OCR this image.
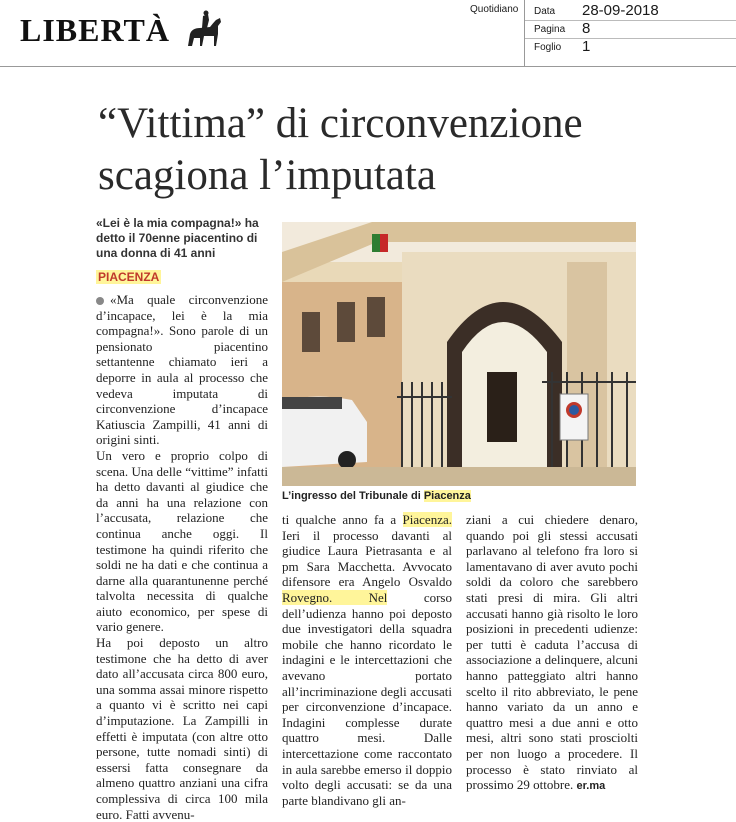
LIBERTÀ
Quotidiano Data 28-09-2018
Pagina 8
Foglio 1
“Vittima” di circonvenzione
scagiona l’imputata
«Lei è la mia compagna!» ha detto il 70enne piacentino di una donna di 41 anni
PIACENZA

«Ma quale circonvenzione d’incapace, lei è la mia compagna!». Sono parole di un pensionato piacentino settantenne chiamato ieri a deporre in aula al processo che vedeva imputata di circonvenzione d’incapace Katiuscia Zampilli, 41 anni di origini sinti.

Un vero e proprio colpo di scena. Una delle “vittime” infatti ha detto davanti al giudice che da anni ha una relazione con l’accusata, relazione che continua anche oggi. Il testimone ha quindi riferito che soldi ne ha dati e che continua a darne alla quarantunenne perché talvolta necessita di qualche aiuto economico, per spese di vario genere.

Ha poi deposto un altro testimone che ha detto di aver dato all’accusata circa 800 euro, una somma assai minore rispetto a quanto vi è scritto nei capi d’imputazione. La Zampilli in effetti è imputata (con altre otto persone, tutte nomadi sinti) di essersi fatta consegnare da almeno quattro anziani una cifra complessiva di circa 100 mila euro. Fatti avvenu-

L’ingresso del Tribunale di Piacenza

ti qualche anno fa a Piacenza. Ieri il processo davanti al giudice Laura Pietrasanta e al pm Sara Macchetta. Avvocato difensore era Angelo Osvaldo Rovegno. Nel corso dell’udienza hanno poi deposto due investigatori della squadra mobile che hanno ricordato le indagini e le intercettazioni che avevano portato all’incriminazione degli accusati per circonvenzione d’incapace. Indagini complesse durate quattro mesi. Dalle intercettazione come raccontato in aula sarebbe emerso il doppio volto degli accusati: se da una parte blandivano gli an-

ziani a cui chiedere denaro, quando poi gli stessi accusati parlavano al telefono fra loro si lamentavano di aver avuto pochi soldi da coloro che sarebbero stati presi di mira. Gli altri accusati hanno già risolto le loro posizioni in precedenti udienze: per tutti è caduta l’accusa di associazione a delinquere, alcuni hanno patteggiato altri hanno scelto il rito abbreviato, le pene hanno variato da un anno e quattro mesi a due anni e otto mesi, altri sono stati prosciolti per non luogo a procedere. Il processo è stato rinviato al prossimo 29 ottobre. er.ma
